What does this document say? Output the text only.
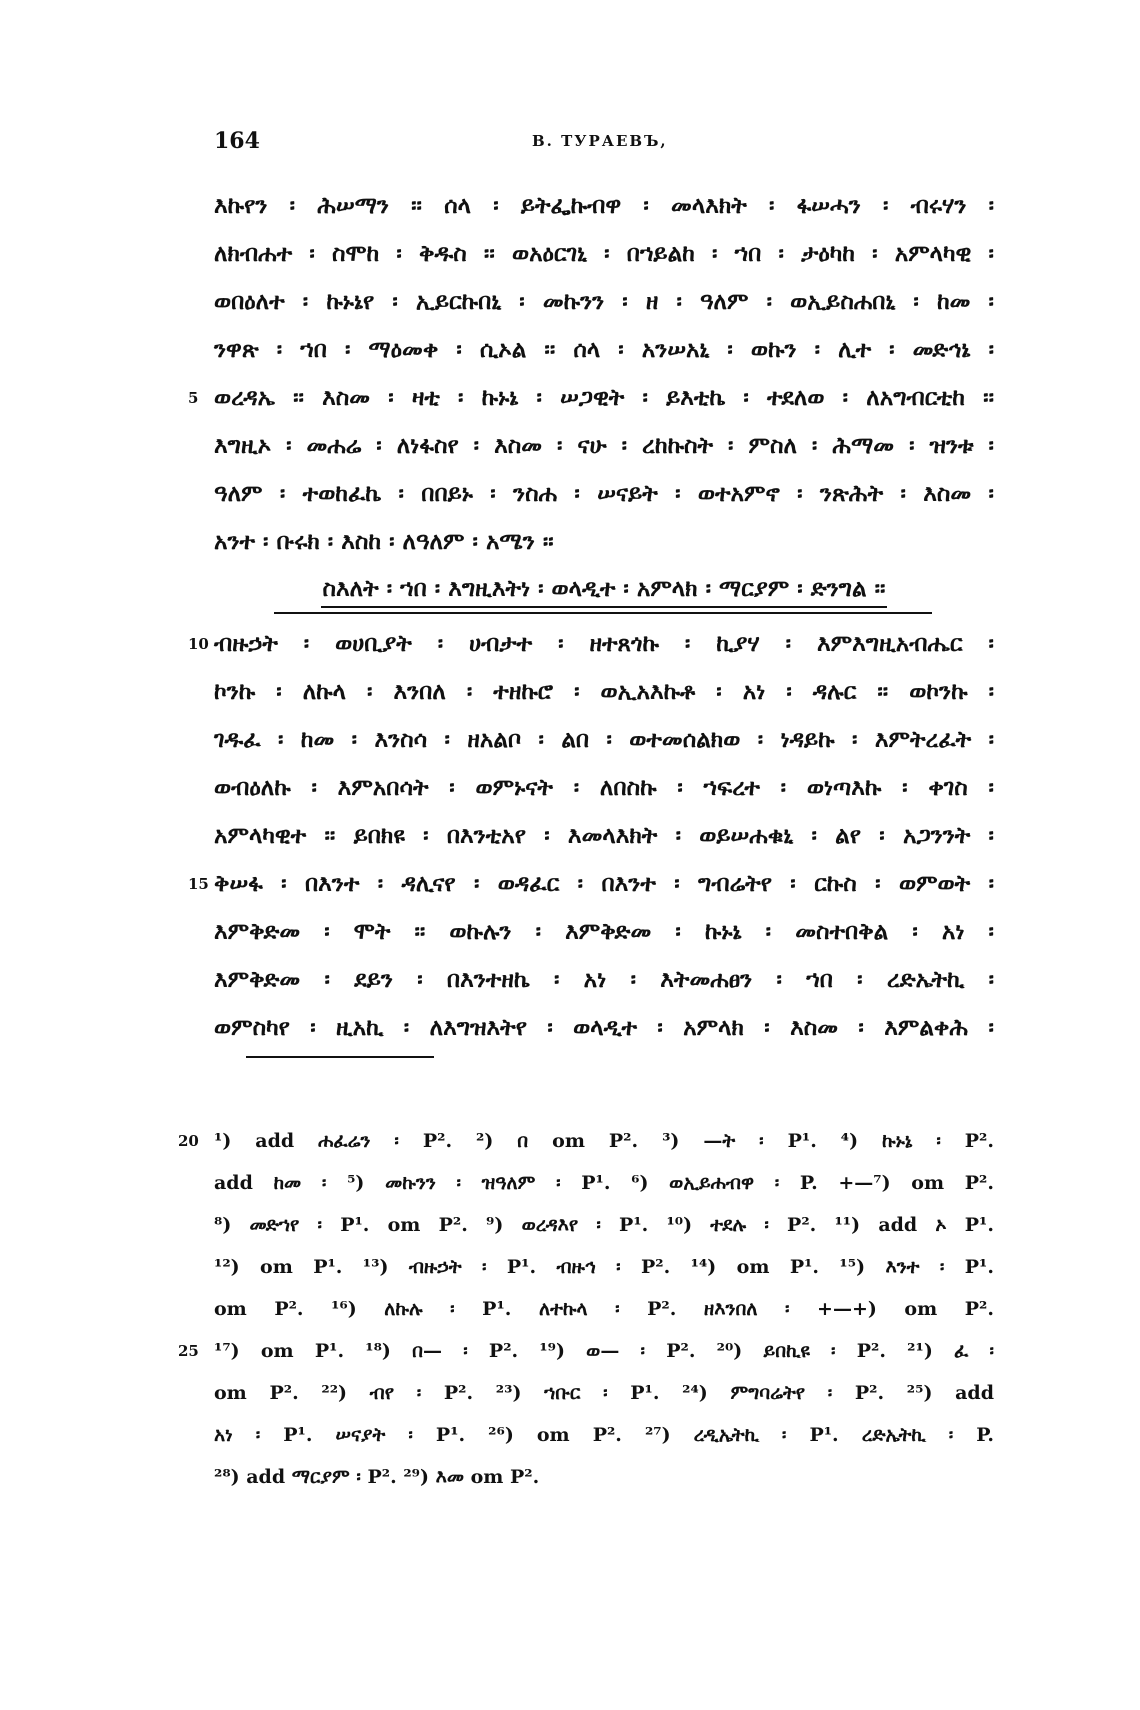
164	В. ТУРАЕВЪ,
እኩየን ፡ ሕሠማን ፡፡ ሰላ ፡ ይትፌኩብዋ ፡ መላእክት ፡ ፋሠሓን ፡ ብሩሃን ፡
ለክብሐተ ፡ ስሞከ ፡ ቅዱስ ፡፡ ወአዕርገኒ ፡ በኀይልከ ፡ ኀበ ፡ ታዕካከ ፡ አምላካዊ ፡
ወበዕለተ ፡ ኩኑኔየ ፡ ኢይርኩበኒ ፡ መኩንን ፡ ዘ ፡ ዓለም ፡ ወኢይስሐበኒ ፡ ከመ ፡
ንዋጽ ፡ ኀበ ፡ ማዕመቀ ፡ ሲኦል ፡፡ ሰላ ፡ አንሠአኒ ፡ ወኩን ፡ ሊተ ፡ መድኅኔ ፡
5 ወረዳኤ ፡፡ እስመ ፡ ዛቲ ፡ ኩኑኔ ፡ ሠጋዊት ፡ ይእቲኬ ፡ ተደለወ ፡ ለአግብርቲከ ፡፡
እግዚኦ ፡ መሐሬ ፡ ለነፋስየ ፡ እስመ ፡ ናሁ ፡ ረከኩስት ፡ ምስለ ፡ ሕማመ ፡ ዝንቱ ፡
ዓለም ፡ ተወከፈኬ ፡ በበይኑ ፡ ንስሐ ፡ ሠናይት ፡ ወተአምኖ ፡ ንጽሕት ፡ እስመ ፡
አንተ ፡ ቡሩክ ፡ እስከ ፡ ለዓለም ፡ አሜን ።
ስእለት ፡ ኀበ ፡ እግዚእትነ ፡ ወላዲተ ፡ አምላክ ፡ ማርያም ፡ ድንግል ፡፡
10 ብዙኃት ፡ ወሀቢያት ፡ ሀብታተ ፡ ዘተጸጎኩ ፡ ኪያሃ ፡ እምእግዚአብሔር ፡
ኮንኩ ፡ ለኩላ ፡ እንበለ ፡ ተዘኩሮ ፡ ወኢአእኩቶ ፡ አነ ፡ ዳሉር ፡፡ ወኮንኩ ፡
ገዱፈ ፡ ከመ ፡ እንስሳ ፡ ዘአልቦ ፡ ልበ ፡ ወተመሰልክወ ፡ ነዳይኩ ፡ እምትረፈት ፡
ወብዕለኩ ፡ እምአበሳት ፡ ወምኑናት ፡ ለበስኩ ፡ ኀፍረተ ፡ ወነጣእኩ ፡ ቀገስ ፡
አምላካዊተ ፡፡ ይበክዩ ፡ በእንቲአየ ፡ እመላእክት ፡ ወይሠሐቁኒ ፡ ልየ ፡ አጋንንት ፡
15 ቅሠፋ ፡ በእንተ ፡ ዳሊናየ ፡ ወዳፈር ፡ በእንተ ፡ ግብሬትየ ፡ ርኩስ ፡ ወምወት ፡
እምቅድመ ፡ ሞት ፡፡ ወኩሉን ፡ እምቅድመ ፡ ኩኑኔ ፡ መስተበቅል ፡ አነ ፡
እምቅድመ ፡ ደይን ፡ በእንተዘኬ ፡ አነ ፡ እትመሐፀን ፡ ኀበ ፡ ረድኤትኪ ፡
ወምስካየ ፡ ዚአኪ ፡ ለእግዝእትየ ፡ ወላዲተ ፡ አምላክ ፡ እስመ ፡ እምልቀሕ ፡
20 ¹) add ሐፈሬን ፡ P². ²) በ om P². ³) —ት ፡ P¹. ⁴) ኩኑኔ ፡ P².
add ከመ ፡ ⁵) መኩንን ፡ ዝዓለም ፡ P¹. ⁶) ወኢይሐብዋ ፡ P. +—⁷) om P².
⁸) መድኀየ ፡ P¹. om P². ⁹) ወረዳእየ ፡ P¹. ¹⁰) ተደሉ ፡ P². ¹¹) add ኦ P¹.
¹²) om P¹. ¹³) ብዙኃት ፡ P¹. ብዙኅ ፡ P². ¹⁴) om P¹. ¹⁵) እንተ ፡ P¹.
om P². ¹⁶) ለኩሉ ፡ P¹. ለተኩላ ፡ P². ዘእንበለ ፡ +—+) om P².
25 ¹⁷) om P¹. ¹⁸) በ— ፡ P². ¹⁹) ወ— ፡ P². ²⁰) ይበኪዩ ፡ P². ²¹) ፈ ፡
om P². ²²) ብየ ፡ P². ²³) ኀቡር ፡ P¹. ²⁴) ምግባሬትየ ፡ P². ²⁵) add
አነ ፡ P¹. ሠናያት ፡ P¹. ²⁶) om P². ²⁷) ረዲኤትኪ ፡ P¹. ረድኤትኪ ፡ P.
²⁸) add ማርያም ፡ P². ²⁹) እመ om P².
